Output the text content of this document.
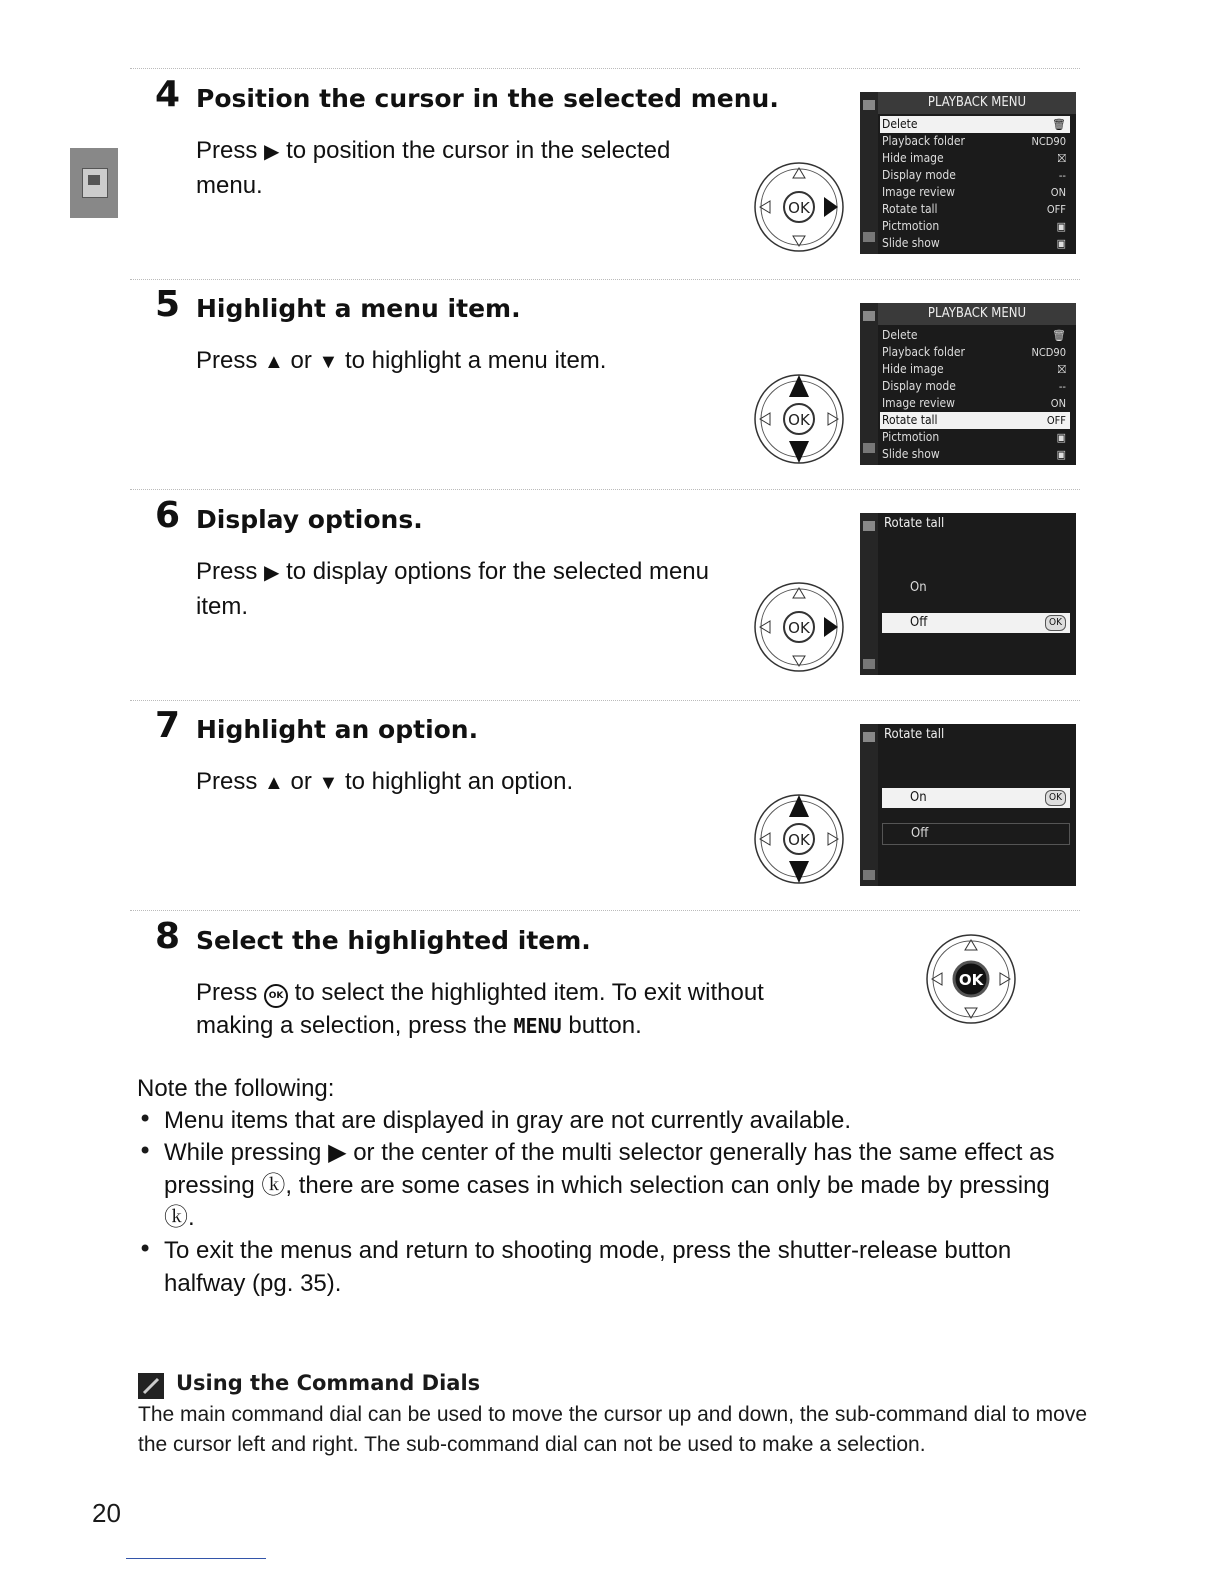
4 Position the cursor in the selected menu.
Press ▶ to position the cursor in the selected menu.
OK
PLAYBACK MENU
Delete	🗑
Playback folder	NCD90
Hide image	⛝
Display mode	--
Image review	ON
Rotate tall	OFF
Pictmotion	▣
Slide show	▣
5 Highlight a menu item.
Press ▲ or ▼ to highlight a menu item.
OK
PLAYBACK MENU
Delete	🗑
Playback folder	NCD90
Hide image	⛝
Display mode	--
Image review	ON
Rotate tall	OFF
Pictmotion	▣
Slide show	▣
6 Display options.
Press ▶ to display options for the selected menu item.
OK
Rotate tall
On
Off	OK
7 Highlight an option.
Press ▲ or ▼ to highlight an option.
OK
Rotate tall
On	OK
Off
8 Select the highlighted item.
Press OK to select the highlighted item. To exit without making a selection, press the MENU button.
OK
Note the following:
• Menu items that are displayed in gray are not currently available.
• While pressing ▶ or the center of the multi selector generally has the same effect as pressing ⓚ, there are some cases in which selection can only be made by pressing ⓚ.
• To exit the menus and return to shooting mode, press the shutter-release button halfway (pg. 35).
Using the Command Dials
The main command dial can be used to move the cursor up and down, the sub-command dial to move the cursor left and right. The sub-command dial can not be used to make a selection.
20
